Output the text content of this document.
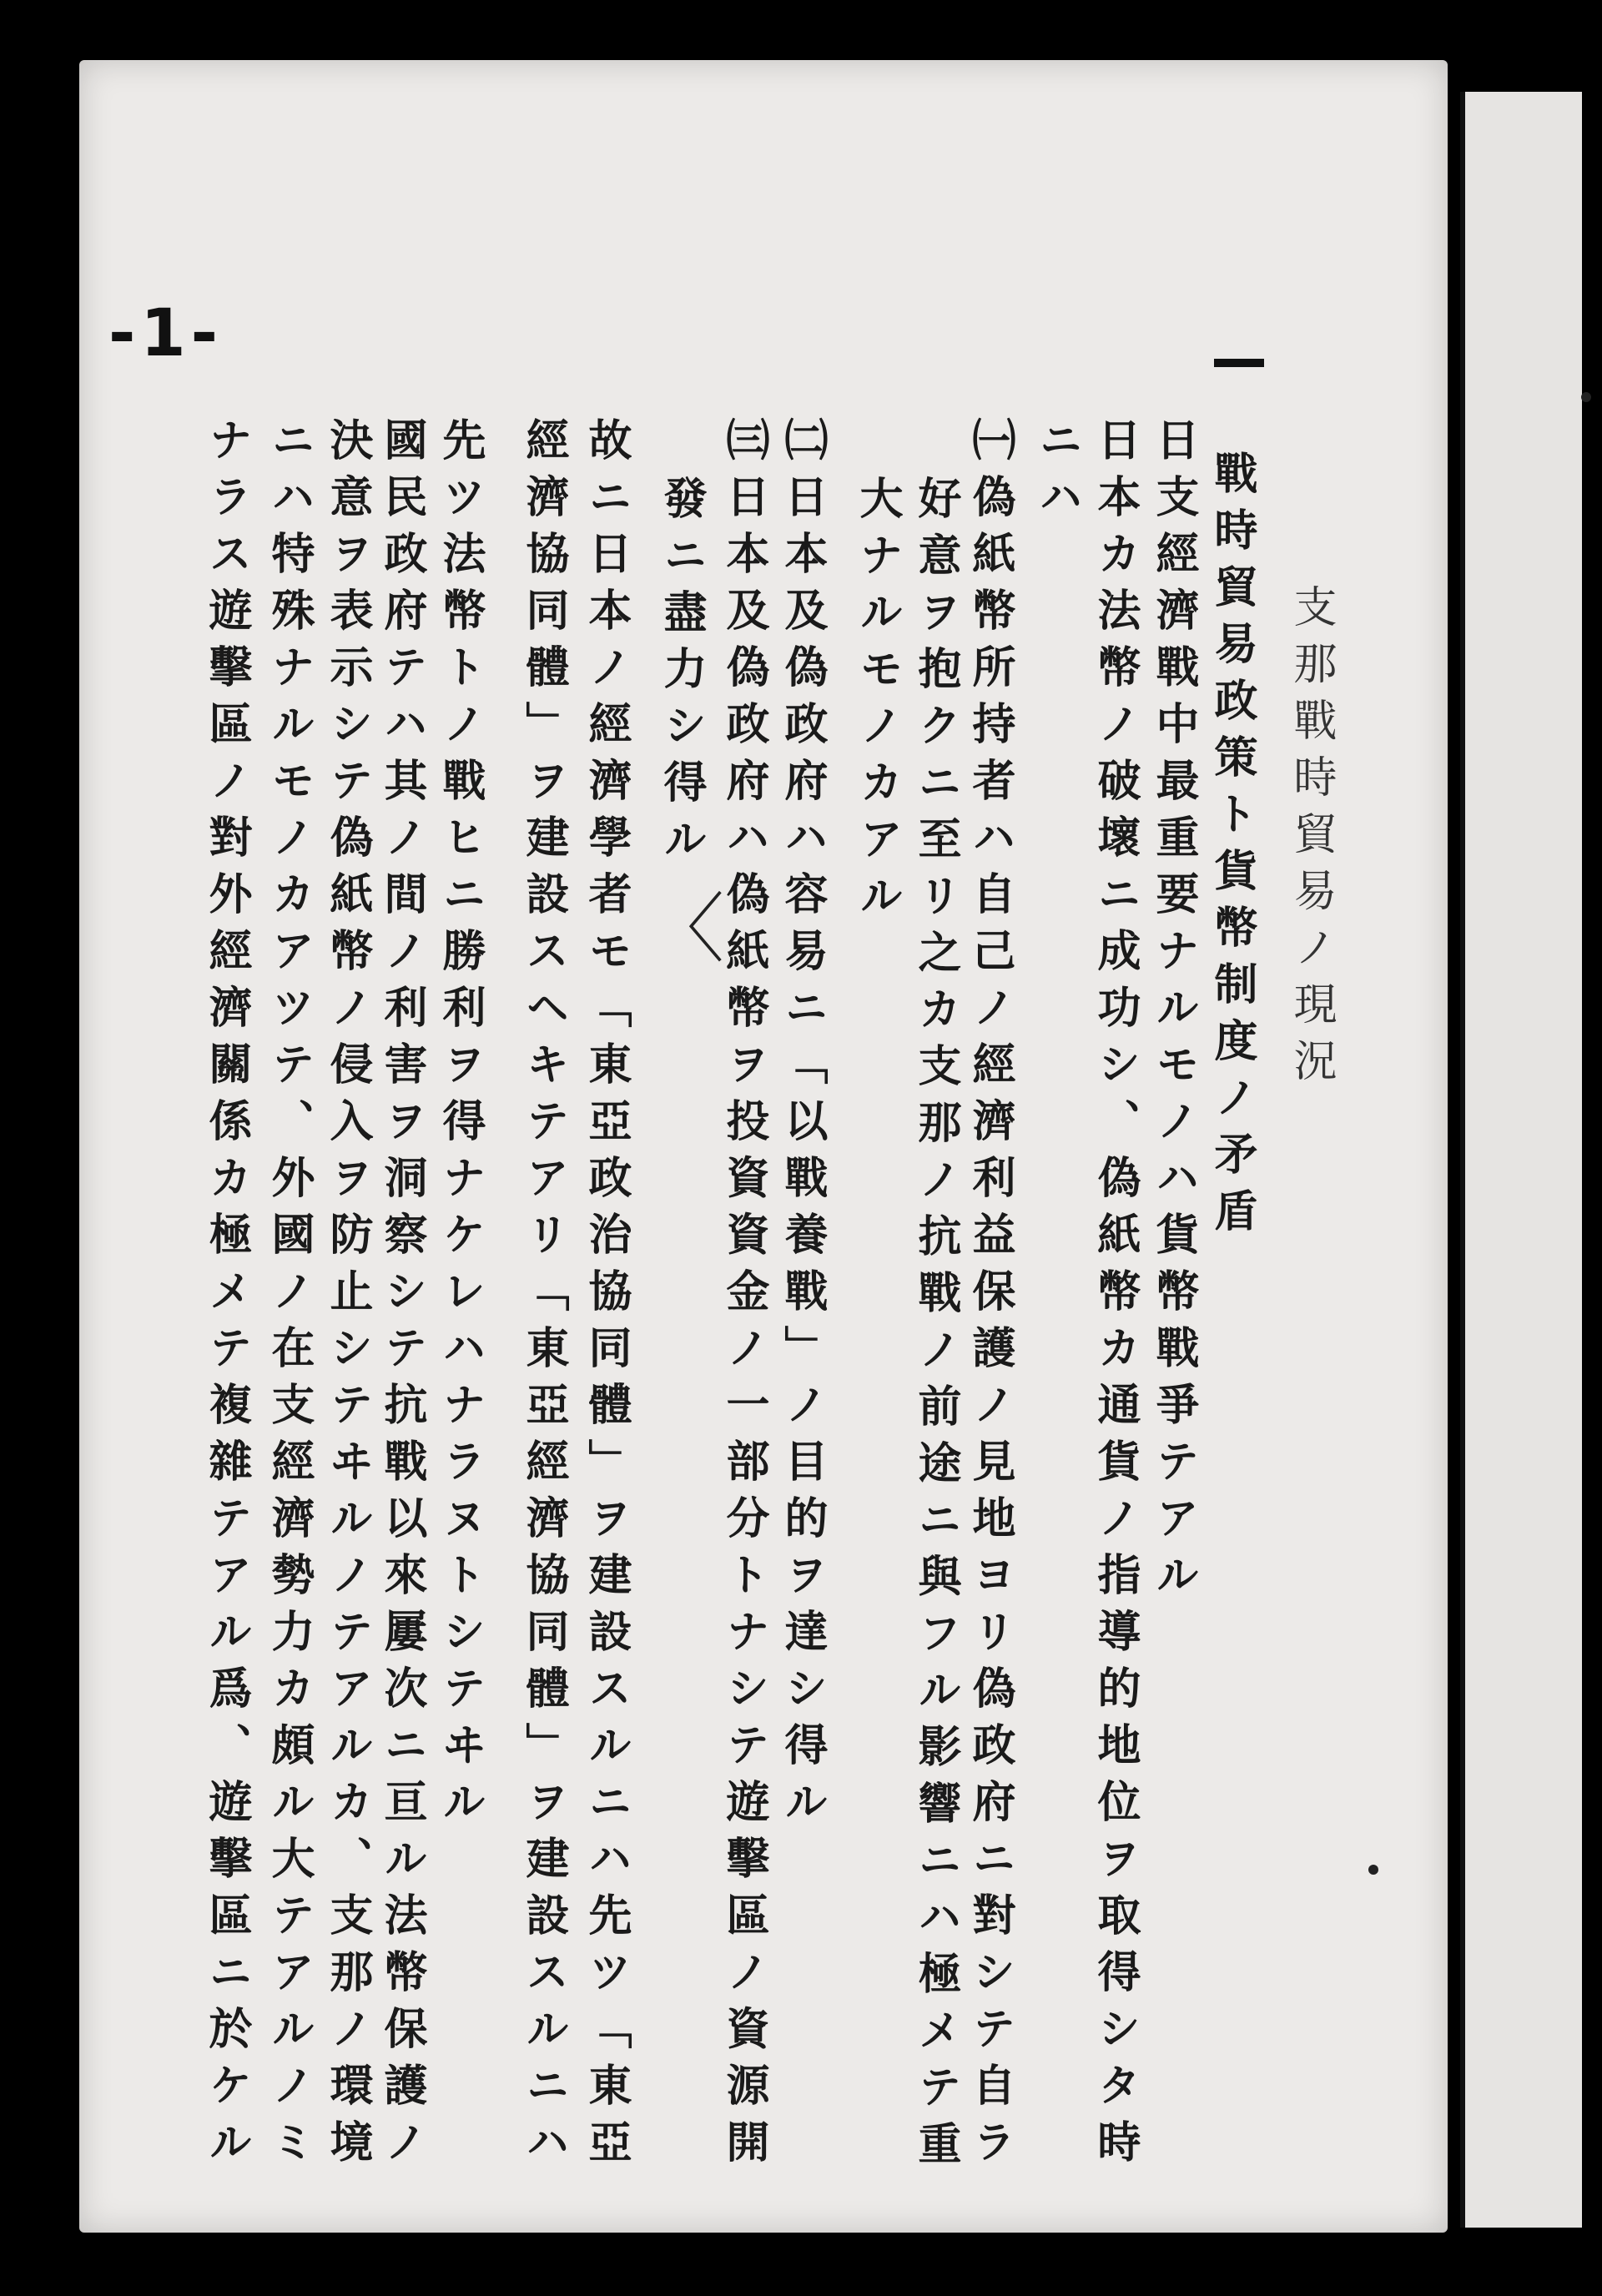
-1-
支那戰時貿易ノ現況
戰時貿易政策ト貨幣制度ノ矛盾
日支經濟戰中最重要ナルモノハ貨幣戰爭テアル
日本カ法幣ノ破壞ニ成功シ、偽紙幣カ通貨ノ指導的地位ヲ取得シタ時
ニハ
㈠偽紙幣所持者ハ自己ノ經濟利益保護ノ見地ヨリ偽政府ニ對シテ自ラ
好意ヲ抱クニ至リ之カ支那ノ抗戰ノ前途ニ與フル影響ニハ極メテ重
大ナルモノカアル
㈡日本及偽政府ハ容易ニ「以戰養戰」ノ目的ヲ達シ得ル
㈢日本及偽政府ハ偽紙幣ヲ投資資金ノ一部分トナシテ遊擊區ノ資源開
發ニ盡力シ得ル
故ニ日本ノ經濟學者モ「東亞政治協同體」ヲ建設スルニハ先ツ「東亞
經濟協同體」ヲ建設スヘキテアリ「東亞經濟協同體」ヲ建設スルニハ
先ツ法幣トノ戰ヒニ勝利ヲ得ナケレハナラヌトシテヰル
國民政府テハ其ノ間ノ利害ヲ洞察シテ抗戰以來屢次ニ亘ル法幣保護ノ
決意ヲ表示シテ偽紙幣ノ侵入ヲ防止シテヰルノテアルカ、支那ノ環境
ニハ特殊ナルモノカアツテ、外國ノ在支經濟勢力カ頗ル大テアルノミ
ナラス遊擊區ノ對外經濟關係カ極メテ複雜テアル爲、遊擊區ニ於ケル	〈
